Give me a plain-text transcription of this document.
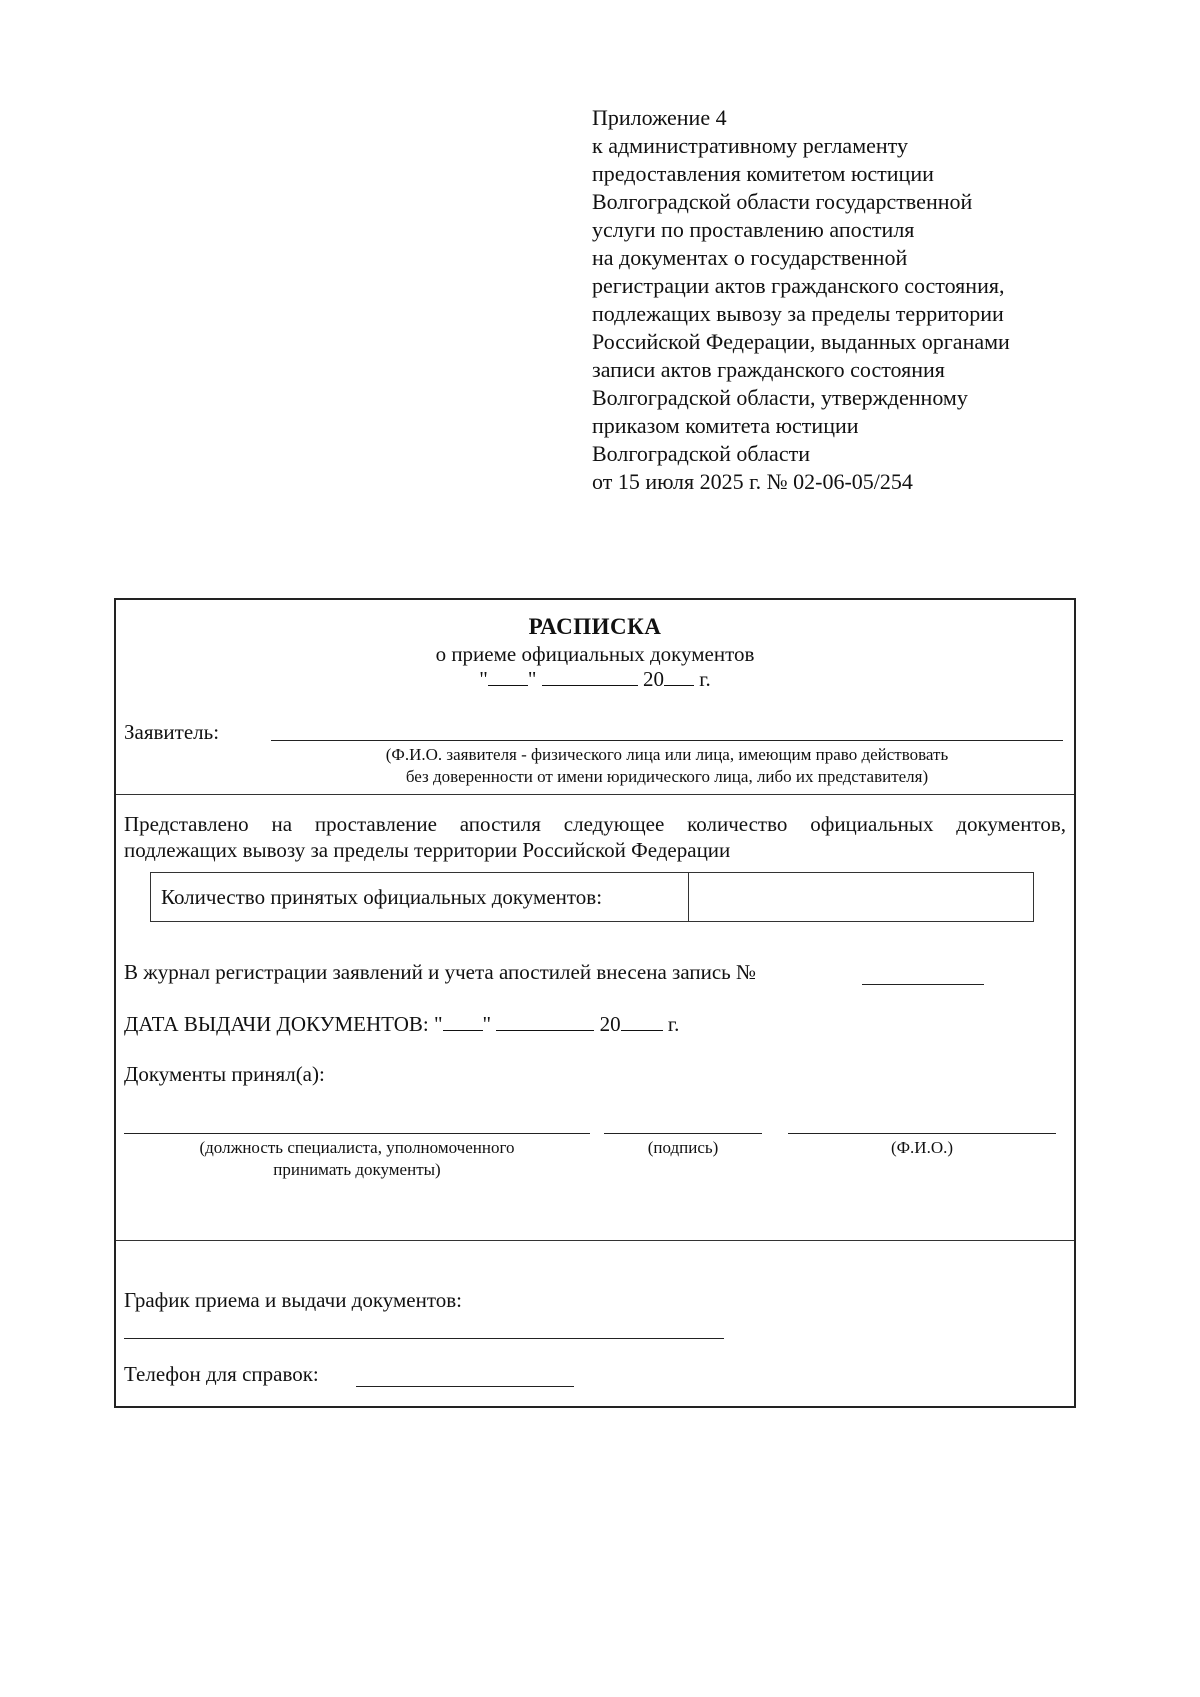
Приложение 4
к административному регламенту
предоставления комитетом юстиции
Волгоградской области государственной
услуги по проставлению апостиля
на документах о государственной
регистрации актов гражданского состояния,
подлежащих вывозу за пределы территории
Российской Федерации, выданных органами
записи актов гражданского состояния
Волгоградской области, утвержденному
приказом комитета юстиции
Волгоградской области
от 15 июля 2025 г. № 02-06-05/254
РАСПИСКА
о приеме официальных документов
" "	20 г.
Заявитель:
(Ф.И.О. заявителя - физического лица или лица, имеющим право действовать
без доверенности от имени юридического лица, либо их представителя)
Представлено на проставление апостиля следующее количество официальных документов,
подлежащих вывозу за пределы территории Российской Федерации
Количество принятых официальных документов:
В журнал регистрации заявлений и учета апостилей внесена запись №
ДАТА ВЫДАЧИ ДОКУМЕНТОВ: " "	20 г.
Документы принял(а):
(должность специалиста, уполномоченного
принимать документы)
(подпись)	(Ф.И.О.)
График приема и выдачи документов:
Телефон для справок:
